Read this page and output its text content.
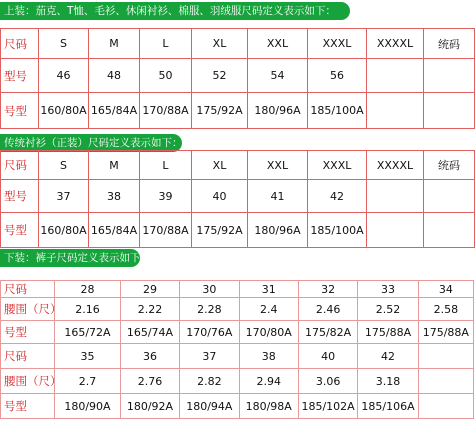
上装：茄克、T恤、毛衫、休闲衬衫、棉服、羽绒服尺码定义表示如下：
尺码	S	M	L	XL	XXL	XXXL	XXXXL	统码
型号	46	48	50	52	54	56		
号型	160/80A	165/84A	170/88A	175/92A	180/96A	185/100A		
传统衬衫（正装）尺码定义表示如下：
尺码	S	M	L	XL	XXL	XXXL	XXXXL	统码
型号	37	38	39	40	41	42		
号型	160/80A	165/84A	170/88A	175/92A	180/96A	185/100A		
下装：裤子尺码定义表示如下：
尺码	28	29	30	31	32	33	34
腰围（尺）	2.16	2.22	2.28	2.4	2.46	2.52	2.58
号型	165/72A	165/74A	170/76A	170/80A	175/82A	175/88A	175/88A
尺码	35	36	37	38	40	42	
腰围（尺）	2.7	2.76	2.82	2.94	3.06	3.18	
号型	180/90A	180/92A	180/94A	180/98A	185/102A	185/106A	
